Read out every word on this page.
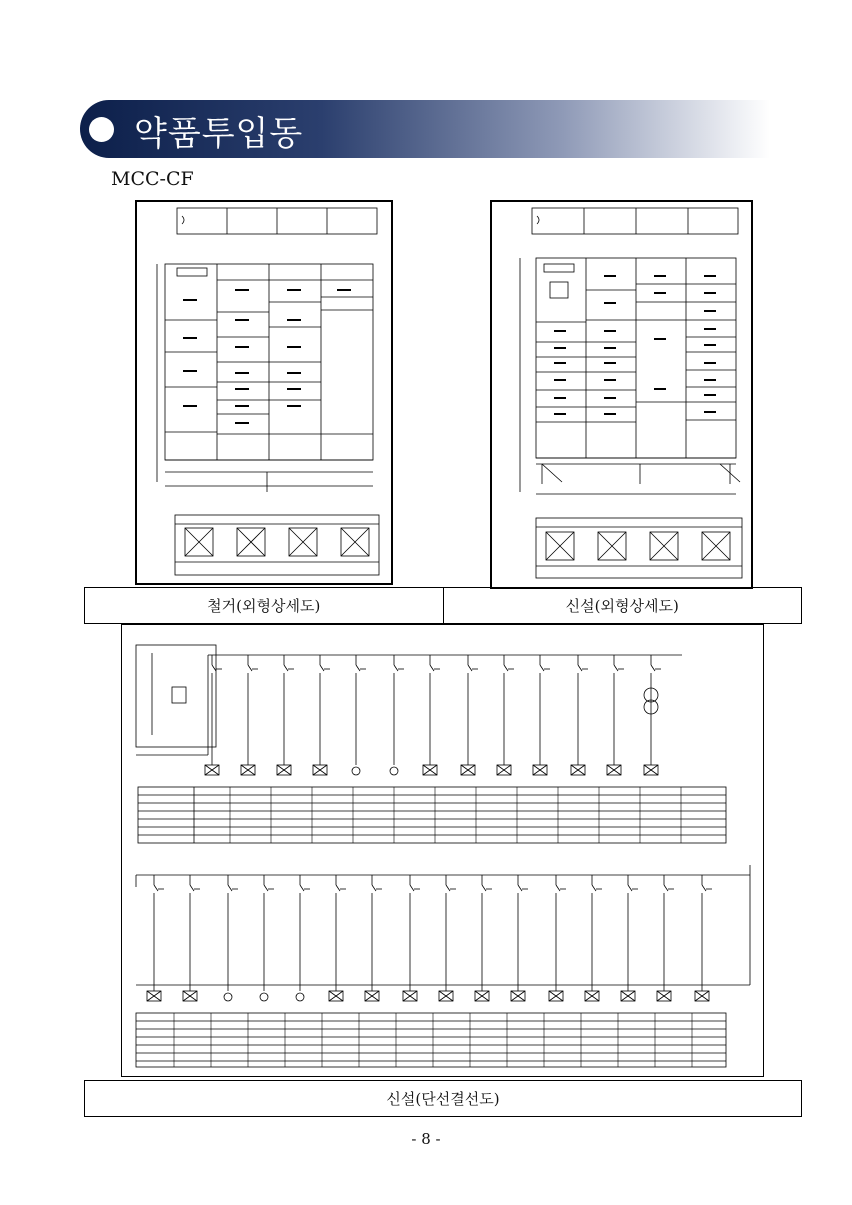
약품투입동
MCC-CF
철거(외형상세도)	신설(외형상세도)
신설(단선결선도)
- 8 -
